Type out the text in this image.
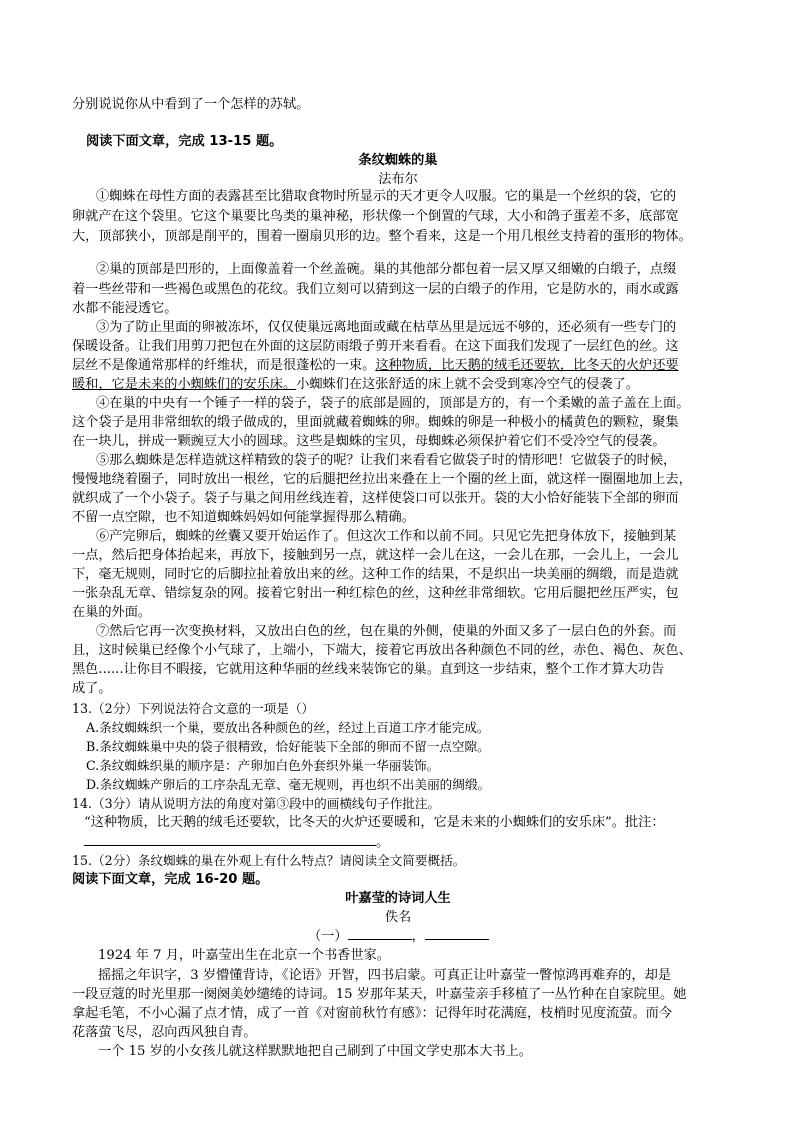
分别说说你从中看到了一个怎样的苏轼。
阅读下面文章，完成 13-15 题。
条纹蜘蛛的巢
法布尔
①蜘蛛在母性方面的表露甚至比猎取食物时所显示的天才更令人叹服。它的巢是一个丝织的袋，它的
卵就产在这个袋里。它这个巢要比鸟类的巢神秘，形状像一个倒置的气球，大小和鸽子蛋差不多，底部宽
大，顶部狭小，顶部是削平的，围着一圈扇贝形的边。整个看来，这是一个用几根丝支持着的蛋形的物体。
②巢的顶部是凹形的，上面像盖着一个丝盖碗。巢的其他部分都包着一层又厚又细嫩的白缎子，点缀
着一些丝带和一些褐色或黑色的花纹。我们立刻可以猜到这一层的白缎子的作用，它是防水的，雨水或露
水都不能浸透它。
③为了防止里面的卵被冻坏，仅仅使巢远离地面或藏在枯草丛里是远远不够的，还必须有一些专门的
保暖设备。让我们用剪刀把包在外面的这层防雨缎子剪开来看看。在这下面我们发现了一层红色的丝。这
层丝不是像通常那样的纤维状，而是很蓬松的一束。这种物质，比天鹅的绒毛还要软，比冬天的火炉还要
暖和，它是未来的小蜘蛛们的安乐床。小蜘蛛们在这张舒适的床上就不会受到寒冷空气的侵袭了。
④在巢的中央有一个锤子一样的袋子，袋子的底部是圆的，顶部是方的，有一个柔嫩的盖子盖在上面。
这个袋子是用非常细软的缎子做成的，里面就藏着蜘蛛的卵。蜘蛛的卵是一种极小的橘黄色的颗粒，聚集
在一块儿，拼成一颗豌豆大小的圆球。这些是蜘蛛的宝贝，母蜘蛛必须保护着它们不受冷空气的侵袭。
⑤那么蜘蛛是怎样造就这样精致的袋子的呢？让我们来看看它做袋子时的情形吧！它做袋子的时候，
慢慢地绕着圈子，同时放出一根丝，它的后腿把丝拉出来叠在上一个圈的丝上面，就这样一圈圈地加上去，
就织成了一个小袋子。袋子与巢之间用丝线连着，这样使袋口可以张开。袋的大小恰好能装下全部的卵而
不留一点空隙，也不知道蜘蛛妈妈如何能掌握得那么精确。
⑥产完卵后，蜘蛛的丝囊又要开始运作了。但这次工作和以前不同。只见它先把身体放下，接触到某
一点，然后把身体抬起来，再放下，接触到另一点，就这样一会儿在这，一会儿在那，一会儿上，一会儿
下，毫无规则，同时它的后脚拉扯着放出来的丝。这种工作的结果，不是织出一块美丽的绸缎，而是造就
一张杂乱无章、错综复杂的网。接着它射出一种红棕色的丝，这种丝非常细软。它用后腿把丝压严实，包
在巢的外面。
⑦然后它再一次变换材料，又放出白色的丝，包在巢的外侧，使巢的外面又多了一层白色的外套。而
且，这时候巢已经像个小气球了，上端小，下端大，接着它再放出各种颜色不同的丝，赤色、褐色、灰色、
黑色......让你目不暇接，它就用这种华丽的丝线来装饰它的巢。直到这一步结束，整个工作才算大功告
成了。
13.（2分）下列说法符合文意的一项是（）
A.条纹蜘蛛织一个巢，要放出各种颜色的丝，经过上百道工序才能完成。
B.条纹蜘蛛巢中央的袋子很精致，恰好能装下全部的卵而不留一点空隙。
C.条纹蜘蛛织巢的顺序是：产卵加白色外套织外巢一华丽装饰。
D.条纹蜘蛛产卵后的工序杂乱无章、毫无规则，再也织不出美丽的绸缎。
14.（3分）请从说明方法的角度对第③段中的画横线句子作批注。
“这种物质，比天鹅的绒毛还要软，比冬天的火炉还要暖和，它是未来的小蜘蛛们的安乐床”。批注：
。
15.（2分）条纹蜘蛛的巢在外观上有什么特点？请阅读全文简要概括。
阅读下面文章，完成 16-20 题。
叶嘉莹的诗词人生
佚名
（一）	，
1924 年 7 月，叶嘉莹出生在北京一个书香世家。
摇摇之年识字，3 岁懵懂背诗，《论语》开智，四书启蒙。可真正让叶嘉莹一瞥惊鸿再难弃的，却是
一段豆蔻的时光里那一阕阕美妙缱绻的诗词。15 岁那年某天，叶嘉莹亲手移植了一丛竹种在自家院里。她
拿起毛笔，不小心漏了点才情，成了一首《对窗前秋竹有感》：记得年时花满庭，枝梢时见度流萤。而今
花落萤飞尽，忍向西风独自青。
一个 15 岁的小女孩儿就这样默默地把自己刷到了中国文学史那本大书上。
